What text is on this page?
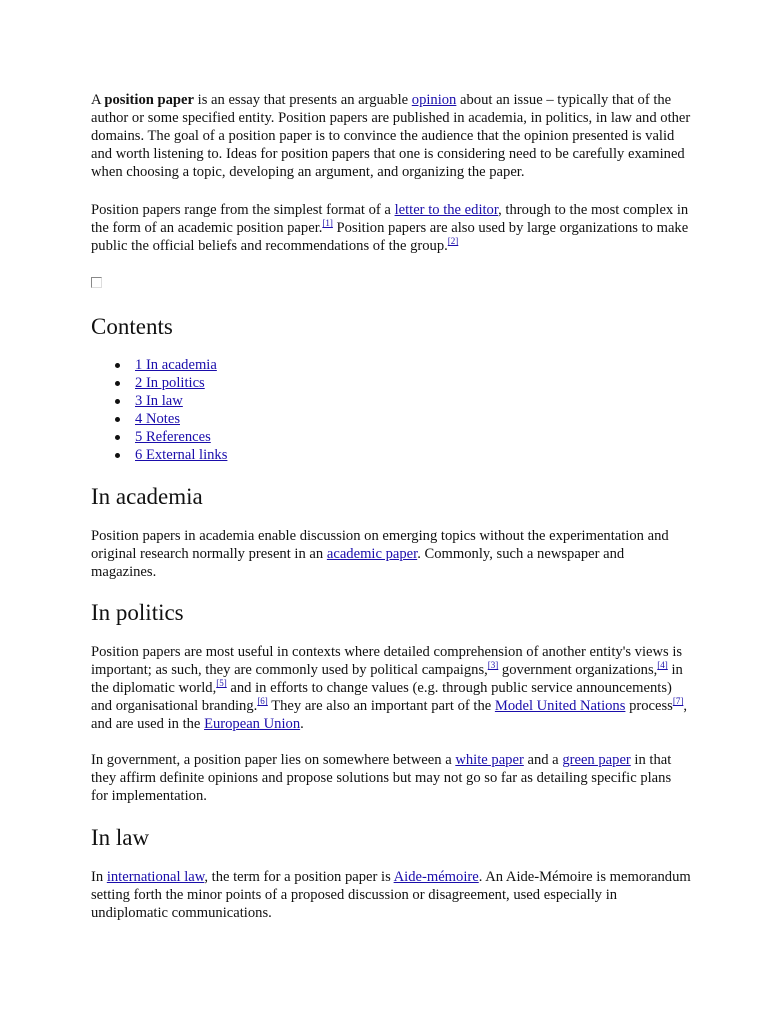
A position paper is an essay that presents an arguable opinion about an issue – typically that of the author or some specified entity. Position papers are published in academia, in politics, in law and other domains. The goal of a position paper is to convince the audience that the opinion presented is valid and worth listening to. Ideas for position papers that one is considering need to be carefully examined when choosing a topic, developing an argument, and organizing the paper.

Position papers range from the simplest format of a letter to the editor, through to the most complex in the form of an academic position paper.[1] Position papers are also used by large organizations to make public the official beliefs and recommendations of the group.[2]

Contents
1 In academia
2 In politics
3 In law
4 Notes
5 References
6 External links
In academia

Position papers in academia enable discussion on emerging topics without the experimentation and original research normally present in an academic paper. Commonly, such a newspaper and magazines.

In politics

Position papers are most useful in contexts where detailed comprehension of another entity's views is important; as such, they are commonly used by political campaigns,[3] government organizations,[4] in the diplomatic world,[5] and in efforts to change values (e.g. through public service announcements) and organisational branding.[6] They are also an important part of the Model United Nations process[7], and are used in the European Union.

In government, a position paper lies on somewhere between a white paper and a green paper in that they affirm definite opinions and propose solutions but may not go so far as detailing specific plans for implementation.

In law

In international law, the term for a position paper is Aide-mémoire. An Aide-Mémoire is memorandum setting forth the minor points of a proposed discussion or disagreement, used especially in undiplomatic communications.
